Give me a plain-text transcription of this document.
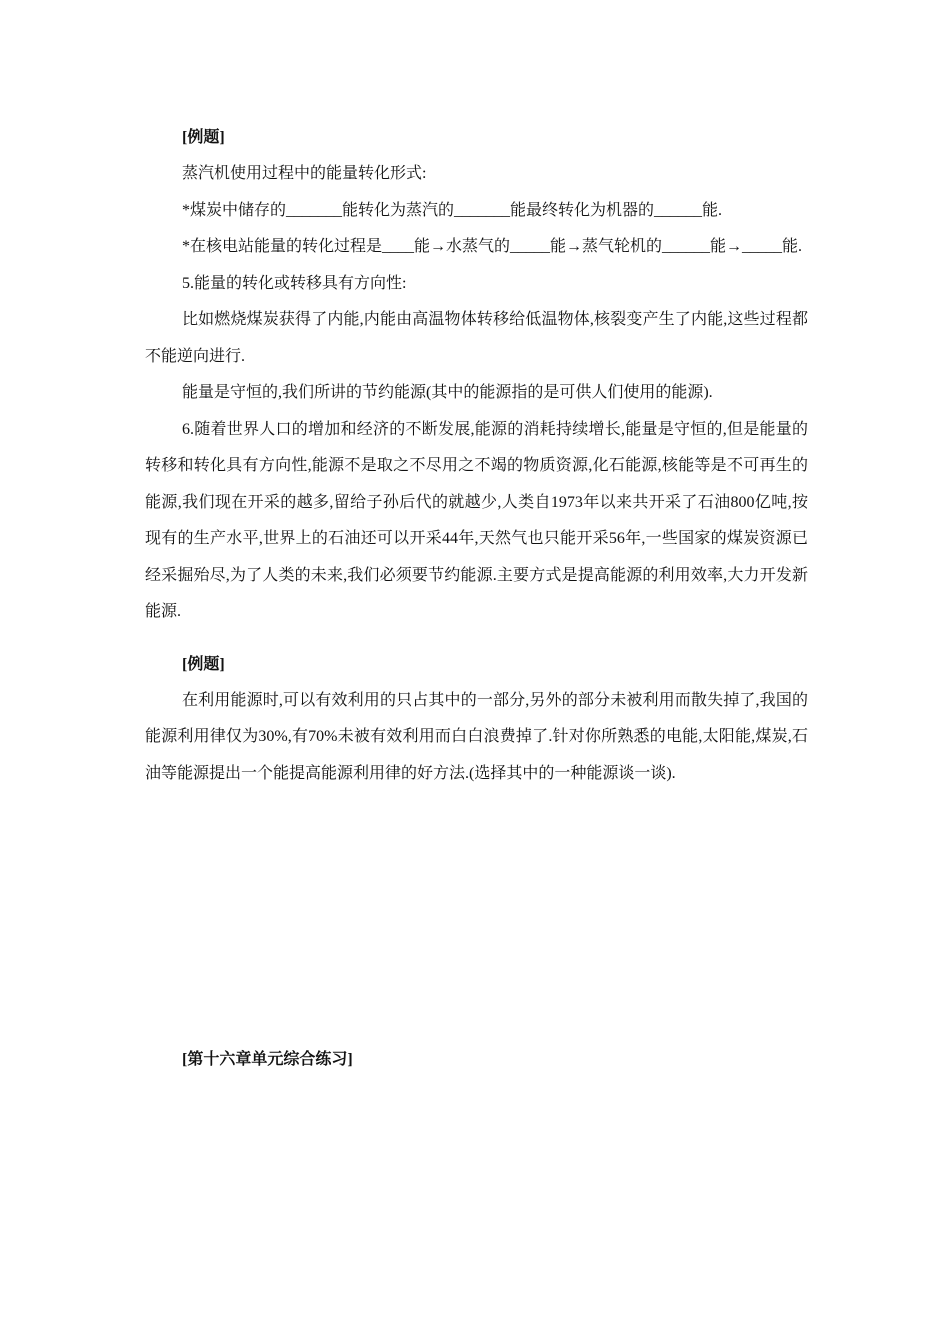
[例题]

蒸汽机使用过程中的能量转化形式:

*煤炭中储存的_______能转化为蒸汽的_______能最终转化为机器的______能.

*在核电站能量的转化过程是____能→水蒸气的_____能→蒸气轮机的______能→_____能.

5.能量的转化或转移具有方向性:

比如燃烧煤炭获得了内能,内能由高温物体转移给低温物体,核裂变产生了内能,这些过程都不能逆向进行.

能量是守恒的,我们所讲的节约能源(其中的能源指的是可供人们使用的能源).

6.随着世界人口的增加和经济的不断发展,能源的消耗持续增长,能量是守恒的,但是能量的转移和转化具有方向性,能源不是取之不尽用之不竭的物质资源,化石能源,核能等是不可再生的能源,我们现在开采的越多,留给子孙后代的就越少,人类自1973年以来共开采了石油800亿吨,按现有的生产水平,世界上的石油还可以开采44年,天然气也只能开采56年,一些国家的煤炭资源已经采掘殆尽,为了人类的未来,我们必须要节约能源.主要方式是提高能源的利用效率,大力开发新能源.

[例题]

在利用能源时,可以有效利用的只占其中的一部分,另外的部分未被利用而散失掉了,我国的能源利用律仅为30%,有70%未被有效利用而白白浪费掉了.针对你所熟悉的电能,太阳能,煤炭,石油等能源提出一个能提高能源利用律的好方法.(选择其中的一种能源谈一谈).

[第十六章单元综合练习]
